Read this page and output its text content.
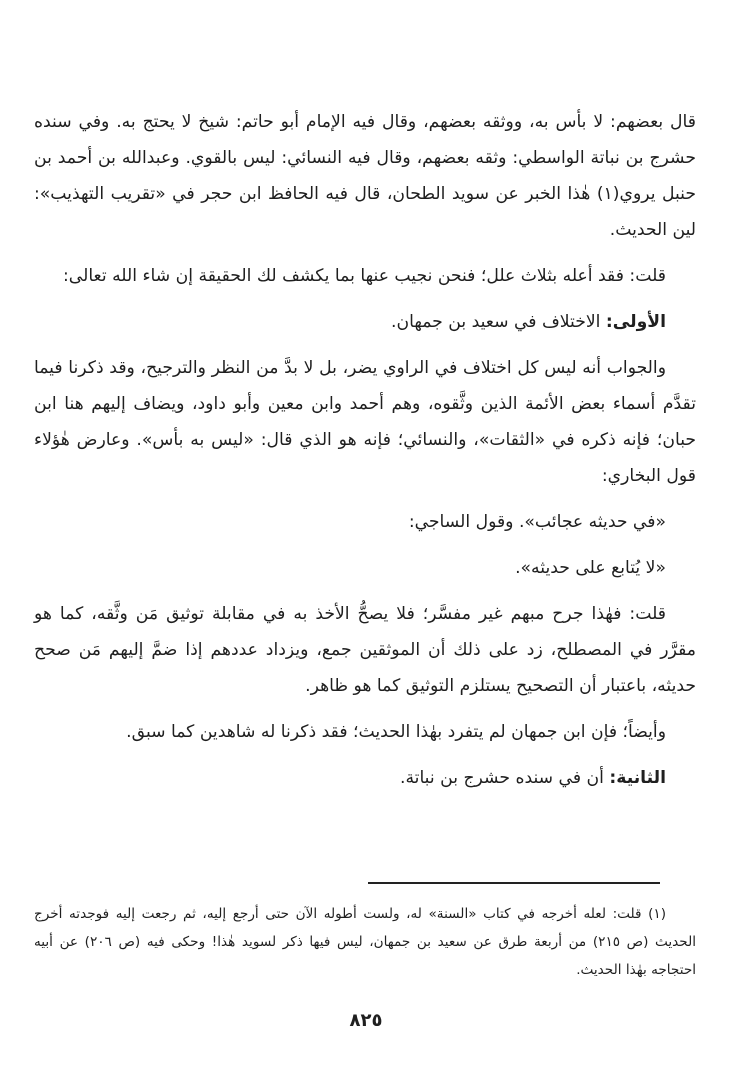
قال بعضهم: لا بأس به، ووثقه بعضهم، وقال فيه الإمام أبو حاتم: شيخ لا يحتج به. وفي سنده حشرج بن نباتة الواسطي: وثقه بعضهم، وقال فيه النسائي: ليس بالقوي. وعبدالله بن أحمد بن حنبل يروي(١) هٰذا الخبر عن سويد الطحان، قال فيه الحافظ ابن حجر في «تقريب التهذيب»: لين الحديث.

قلت: فقد أعله بثلاث علل؛ فنحن نجيب عنها بما يكشف لك الحقيقة إن شاء الله تعالى:

الأولى: الاختلاف في سعيد بن جمهان.

والجواب أنه ليس كل اختلاف في الراوي يضر، بل لا بدَّ من النظر والترجيح، وقد ذكرنا فيما تقدَّم أسماء بعض الأئمة الذين وثَّقوه، وهم أحمد وابن معين وأبو داود، ويضاف إليهم هنا ابن حبان؛ فإنه ذكره في «الثقات»، والنسائي؛ فإنه هو الذي قال: «ليس به بأس». وعارض هٰؤلاء قول البخاري:

«في حديثه عجائب». وقول الساجي:

«لا يُتابع على حديثه».

قلت: فهٰذا جرح مبهم غير مفسَّر؛ فلا يصحُّ الأخذ به في مقابلة توثيق مَن وثَّقه، كما هو مقرَّر في المصطلح، زد على ذلك أن الموثقين جمع، ويزداد عددهم إذا ضمَّ إليهم مَن صحح حديثه، باعتبار أن التصحيح يستلزم التوثيق كما هو ظاهر.

وأيضاً؛ فإن ابن جمهان لم يتفرد بهٰذا الحديث؛ فقد ذكرنا له شاهدين كما سبق.

الثانية: أن في سنده حشرج بن نباتة.

(١) قلت: لعله أخرجه في كتاب «السنة» له، ولست أطوله الآن حتى أرجع إليه، ثم رجعت إليه فوجدته أخرج الحديث (ص ٢١٥) من أربعة طرق عن سعيد بن جمهان، ليس فيها ذكر لسويد هٰذا! وحكى فيه (ص ٢٠٦) عن أبيه احتجاجه بهٰذا الحديث.

٨٢٥
